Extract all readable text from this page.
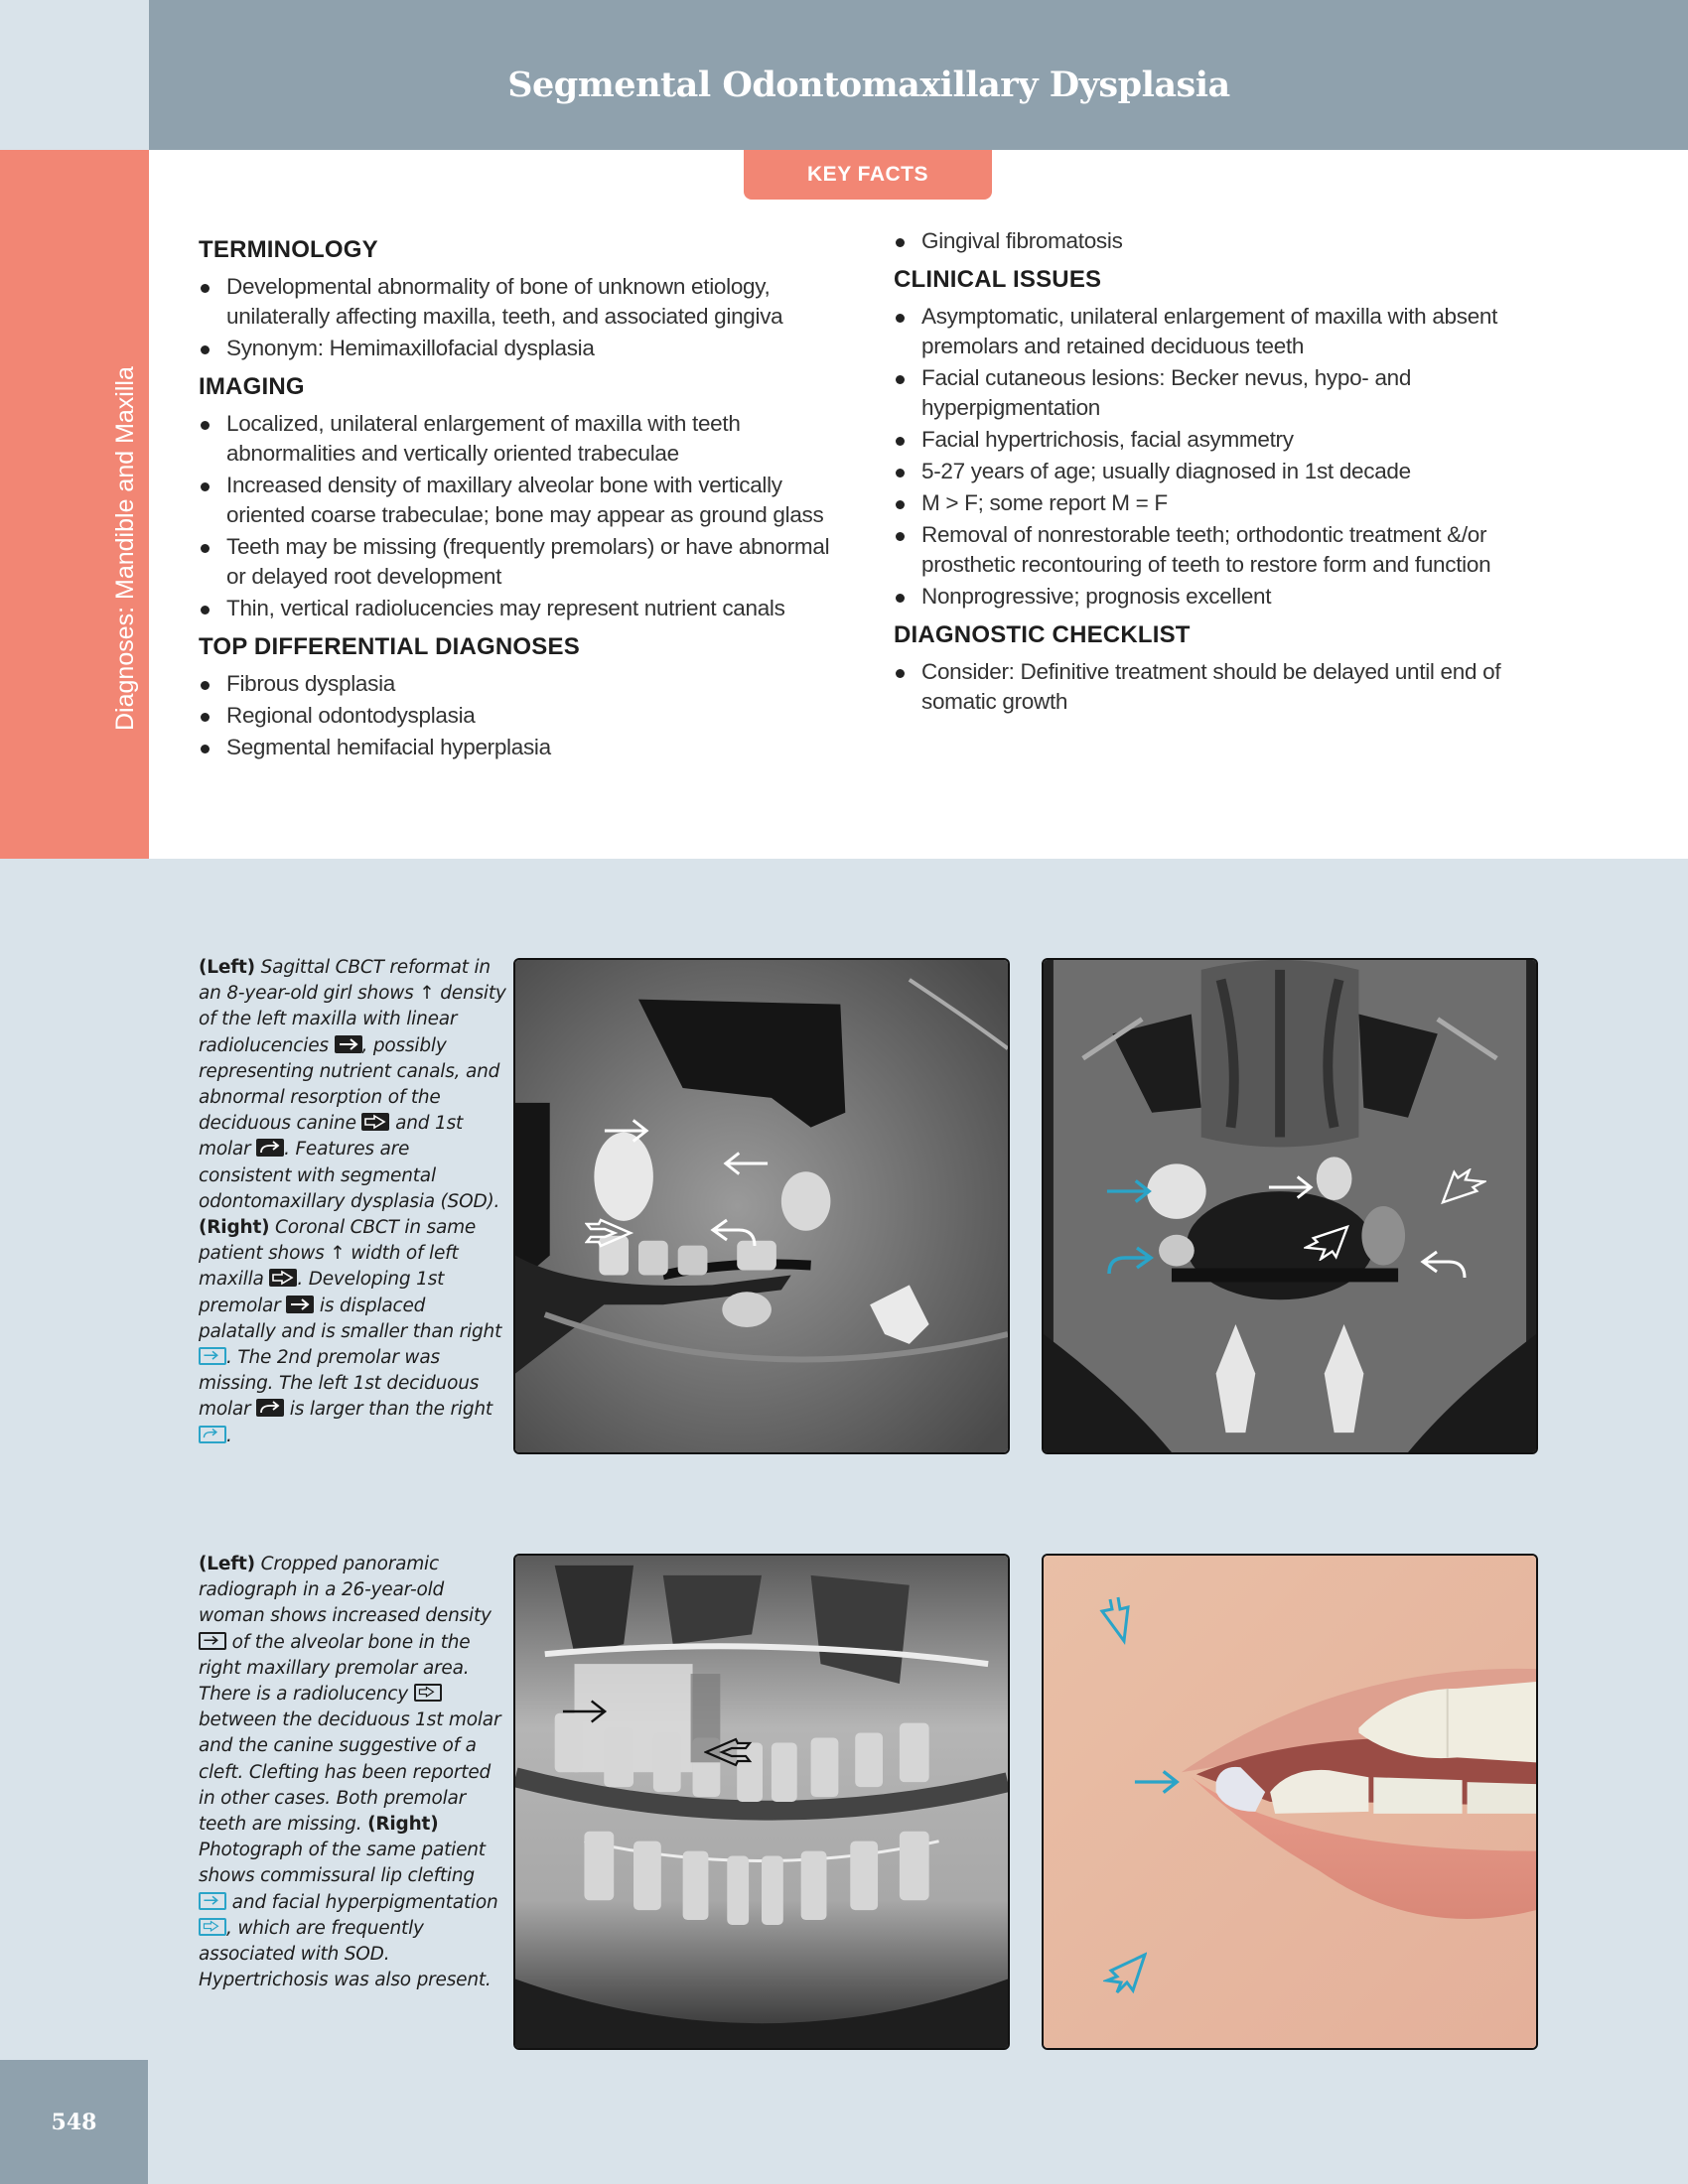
Segmental Odontomaxillary Dysplasia
Diagnoses: Mandible and Maxilla
KEY FACTS
TERMINOLOGY
Developmental abnormality of bone of unknown etiology, unilaterally affecting maxilla, teeth, and associated gingiva
Synonym: Hemimaxillofacial dysplasia
IMAGING
Localized, unilateral enlargement of maxilla with teeth abnormalities and vertically oriented trabeculae
Increased density of maxillary alveolar bone with vertically oriented coarse trabeculae; bone may appear as ground glass
Teeth may be missing (frequently premolars) or have abnormal or delayed root development
Thin, vertical radiolucencies may represent nutrient canals
TOP DIFFERENTIAL DIAGNOSES
Fibrous dysplasia
Regional odontodysplasia
Segmental hemifacial hyperplasia
Gingival fibromatosis
CLINICAL ISSUES
Asymptomatic, unilateral enlargement of maxilla with absent premolars and retained deciduous teeth
Facial cutaneous lesions: Becker nevus, hypo- and hyperpigmentation
Facial hypertrichosis, facial asymmetry
5-27 years of age; usually diagnosed in 1st decade
M > F; some report M = F
Removal of nonrestorable teeth; orthodontic treatment &/or prosthetic recontouring of teeth to restore form and function
Nonprogressive; prognosis excellent
DIAGNOSTIC CHECKLIST
Consider: Definitive treatment should be delayed until end of somatic growth
(Left) Sagittal CBCT reformat in an 8-year-old girl shows ↑ density of the left maxilla with linear radiolucencies
, possibly representing nutrient canals, and abnormal resorption of the deciduous canine
and 1st molar
. Features are consistent with segmental odontomaxillary dysplasia (SOD). (Right) Coronal CBCT in same patient shows ↑ width of left maxilla
. Developing 1st premolar
is displaced palatally and is smaller than right
. The 2nd premolar was missing. The left 1st deciduous molar
is larger than the right
.
(Left) Cropped panoramic radiograph in a 26-year-old woman shows increased density
of the alveolar bone in the right maxillary premolar area. There is a radiolucency
between the deciduous 1st molar and the canine suggestive of a cleft. Clefting has been reported in other cases. Both premolar teeth are missing. (Right) Photograph of the same patient shows commissural lip clefting
and facial hyperpigmentation
, which are frequently associated with SOD. Hypertrichosis was also present.
548
